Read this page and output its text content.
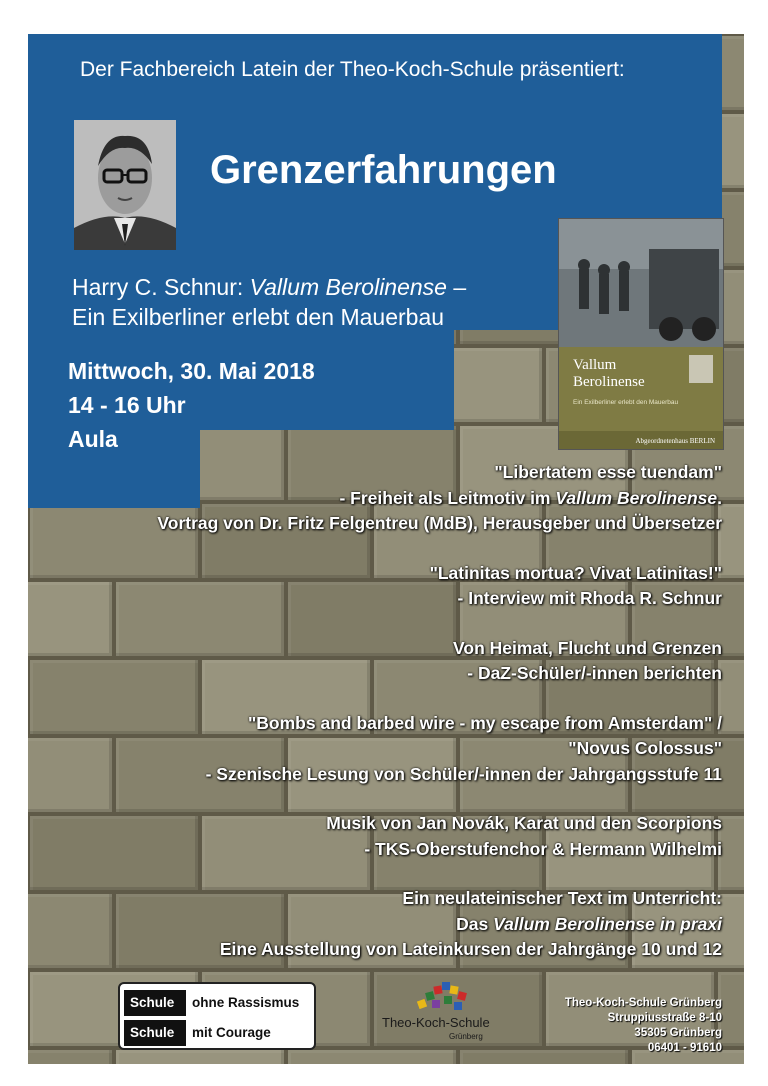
Der Fachbereich Latein der Theo-Koch-Schule präsentiert:
Grenzerfahrungen
Harry C. Schnur: Vallum Berolinense –
Ein Exilberliner erlebt den Mauerbau
Mittwoch, 30. Mai 2018
14 - 16 Uhr
Aula
Vallum
Berolinense
Ein Exilberliner erlebt den Mauerbau
Abgeordnetenhaus BERLIN

"Libertatem esse tuendam"

- Freiheit als Leitmotiv im Vallum Berolinense.

Vortrag von Dr. Fritz Felgentreu (MdB), Herausgeber und Übersetzer

"Latinitas mortua? Vivat Latinitas!"

- Interview mit Rhoda R. Schnur

Von Heimat, Flucht und Grenzen

- DaZ-Schüler/-innen berichten

"Bombs and barbed wire - my escape from Amsterdam" /

"Novus Colossus"

- Szenische Lesung von Schüler/-innen der Jahrgangsstufe 11

Musik von Jan Novák, Karat und den Scorpions

- TKS-Oberstufenchor & Hermann Wilhelmi

Ein neulateinischer Text im Unterricht:

Das Vallum Berolinense in praxi

Eine Ausstellung von Lateinkursen der Jahrgänge 10 und 12

Schule	ohne Rassismus
Schule	mit Courage
Theo-Koch-Schule
Grünberg

Theo-Koch-Schule Grünberg

Struppiusstraße 8-10

35305 Grünberg

06401 - 91610
